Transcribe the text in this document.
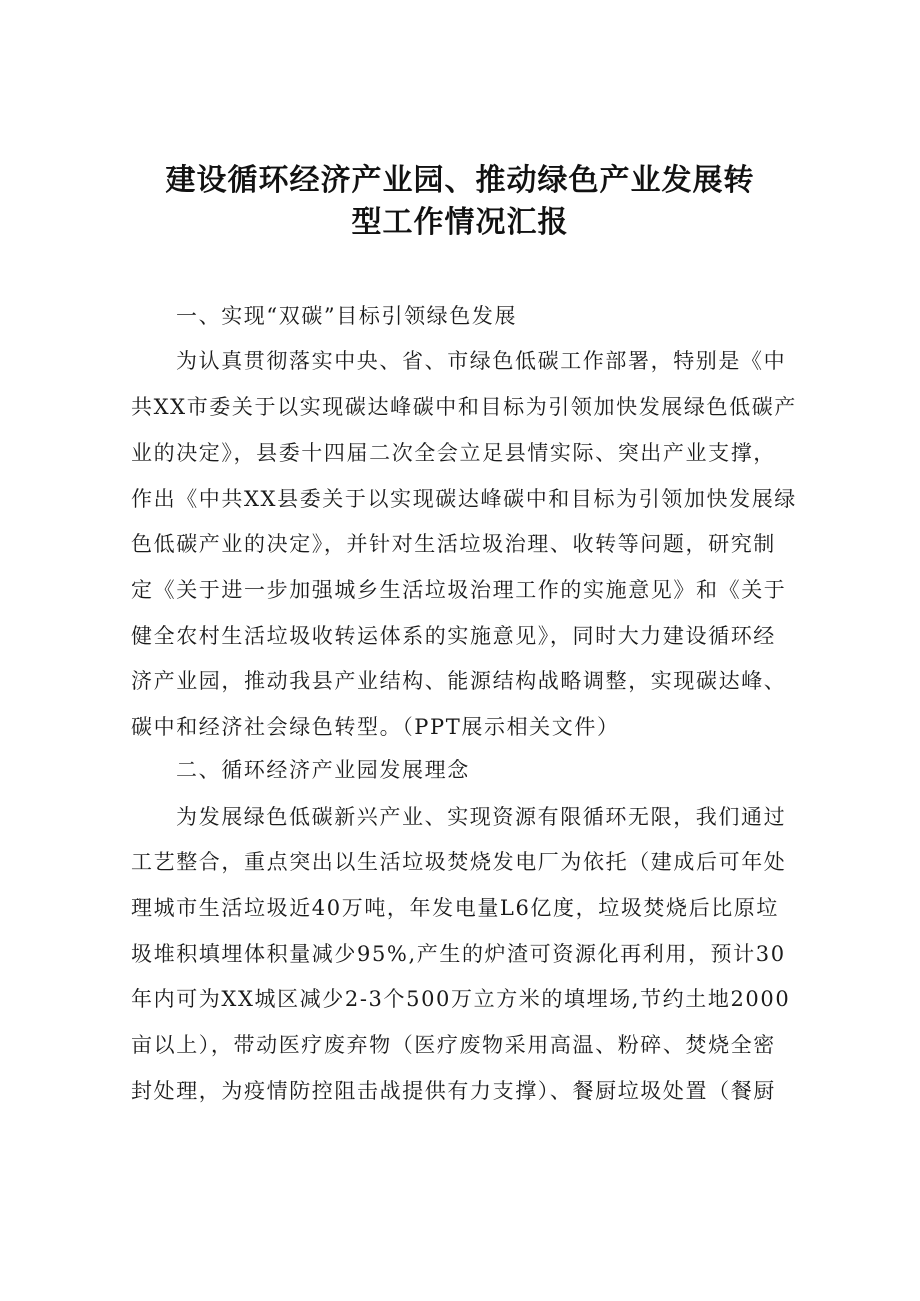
建设循环经济产业园、推动绿色产业发展转
型工作情况汇报
一、实现“双碳”目标引领绿色发展
为认真贯彻落实中央、省、市绿色低碳工作部署，特别是《中
共XX市委关于以实现碳达峰碳中和目标为引领加快发展绿色低碳产
业的决定》，县委十四届二次全会立足县情实际、突出产业支撑，
作出《中共XX县委关于以实现碳达峰碳中和目标为引领加快发展绿
色低碳产业的决定》，并针对生活垃圾治理、收转等问题，研究制
定《关于进一步加强城乡生活垃圾治理工作的实施意见》和《关于
健全农村生活垃圾收转运体系的实施意见》，同时大力建设循环经
济产业园，推动我县产业结构、能源结构战略调整，实现碳达峰、
碳中和经济社会绿色转型。（PPT展示相关文件）
二、循环经济产业园发展理念
为发展绿色低碳新兴产业、实现资源有限循环无限，我们通过
工艺整合，重点突出以生活垃圾焚烧发电厂为依托（建成后可年处
理城市生活垃圾近40万吨，年发电量L6亿度，垃圾焚烧后比原垃
圾堆积填埋体积量减少95%,产生的炉渣可资源化再利用，预计30
年内可为XX城区减少2-3个500万立方米的填埋场,节约土地2000
亩以上），带动医疗废弃物（医疗废物采用高温、粉碎、焚烧全密
封处理，为疫情防控阻击战提供有力支撑）、餐厨垃圾处置（餐厨
